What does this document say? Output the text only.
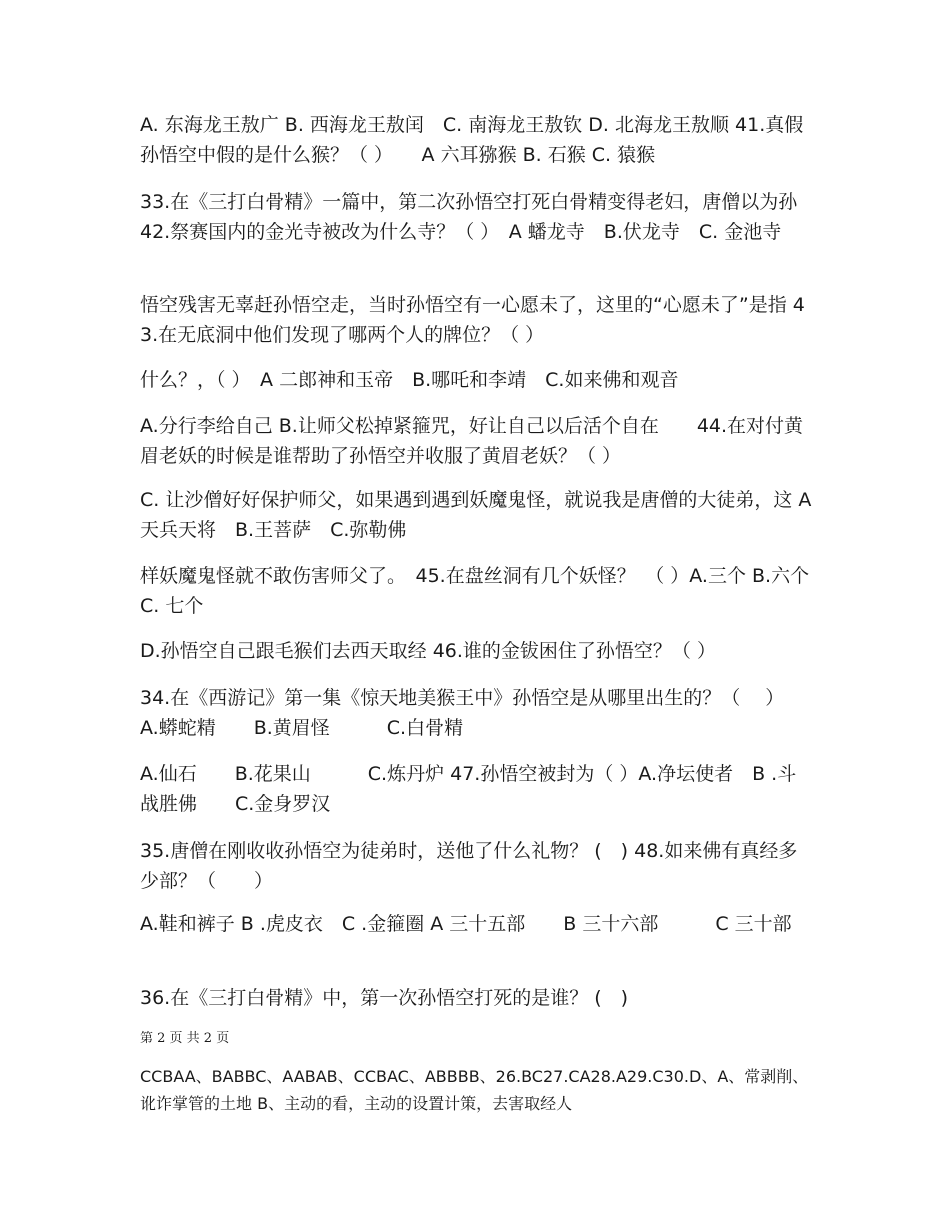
A. 东海龙王敖广 B. 西海龙王敖闰　C. 南海龙王敖钦 D. 北海龙王敖顺 41.真假孙悟空中假的是什么猴？（ ）　　A 六耳猕猴 B. 石猴 C. 猿猴

33.在《三打白骨精》一篇中，第二次孙悟空打死白骨精变得老妇，唐僧以为孙 42.祭赛国内的金光寺被改为什么寺？（ ）　A 蟠龙寺　B.伏龙寺　C. 金池寺

悟空残害无辜赶孙悟空走，当时孙悟空有一心愿未了，这里的“心愿未了”是指 43.在无底洞中他们发现了哪两个人的牌位？（ ）

什么？，（ ）　A 二郎神和玉帝　B.哪吒和李靖　C.如来佛和观音

A.分行李给自己 B.让师父松掉紧箍咒，好让自己以后活个自在　　44.在对付黄眉老妖的时候是谁帮助了孙悟空并收服了黄眉老妖？（ ）

C. 让沙僧好好保护师父，如果遇到遇到妖魔鬼怪，就说我是唐僧的大徒弟，这 A 天兵天将　B.王菩萨　C.弥勒佛

样妖魔鬼怪就不敢伤害师父了。　45.在盘丝洞有几个妖怪？　（ ）A.三个 B.六个　C. 七个

D.孙悟空自己跟毛猴们去西天取经 46.谁的金钹困住了孙悟空？（ ）

34.在《西游记》第一集《惊天地美猴王中》孙悟空是从哪里出生的？（　 ）　A.蟒蛇精　　B.黄眉怪　　　C.白骨精

A.仙石　　B.花果山　　　C.炼丹炉 47.孙悟空被封为（ ）A.净坛使者　B .斗战胜佛　　C.金身罗汉

35.唐僧在刚收收孙悟空为徒弟时，送他了什么礼物？ (　) 48.如来佛有真经多少部？（　　）

A.鞋和裤子 B .虎皮衣　C .金箍圈 A 三十五部　　B 三十六部　　　C 三十部

36.在《三打白骨精》中，第一次孙悟空打死的是谁？ (　)

第 2 页 共 2 页

CCBAA、BABBC、AABAB、CCBAC、ABBBB、26.BC27.CA28.A29.C30.D、A、常剥削、讹诈掌管的土地 B、主动的看，主动的设置计策，去害取经人
